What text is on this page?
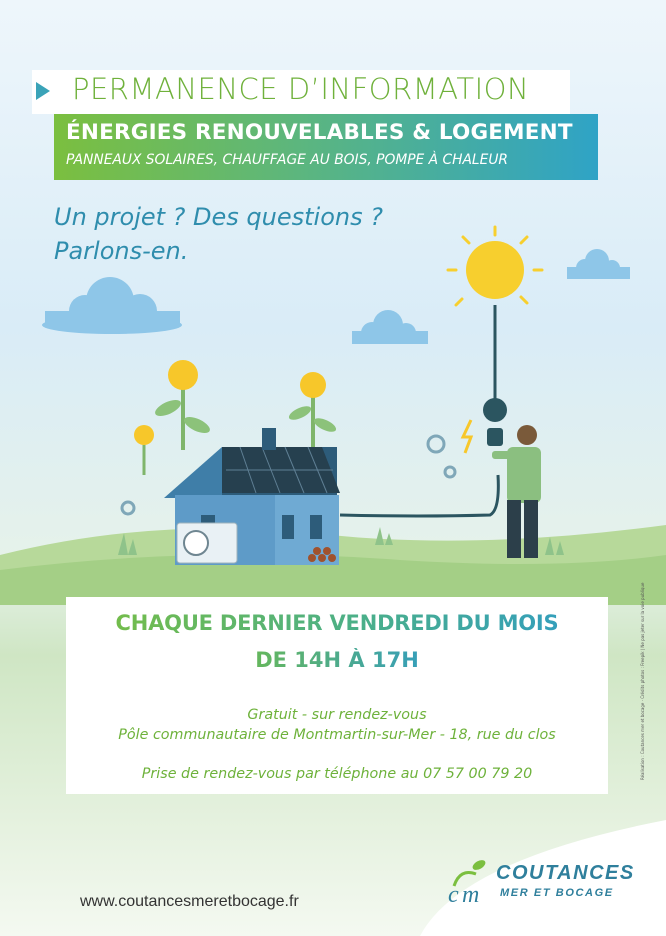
PERMANENCE D’INFORMATION
ÉNERGIES RENOUVELABLES & LOGEMENT
PANNEAUX SOLAIRES, CHAUFFAGE AU BOIS, POMPE À CHALEUR
Un projet ? Des questions ?
Parlons-en.
CHAQUE DERNIER VENDREDI DU MOIS
DE 14H À 17H
Gratuit - sur rendez-vous
Pôle communautaire de Montmartin-sur-Mer - 18, rue du clos
Prise de rendez-vous par téléphone au 07 57 00 79 20	Réalisation : Coutances mer et bocage · Crédits photos : Freepik | Ne pas jeter sur la voie publique
c m
COUTANCES
MER ET BOCAGE
www.coutancesmeretbocage.fr
